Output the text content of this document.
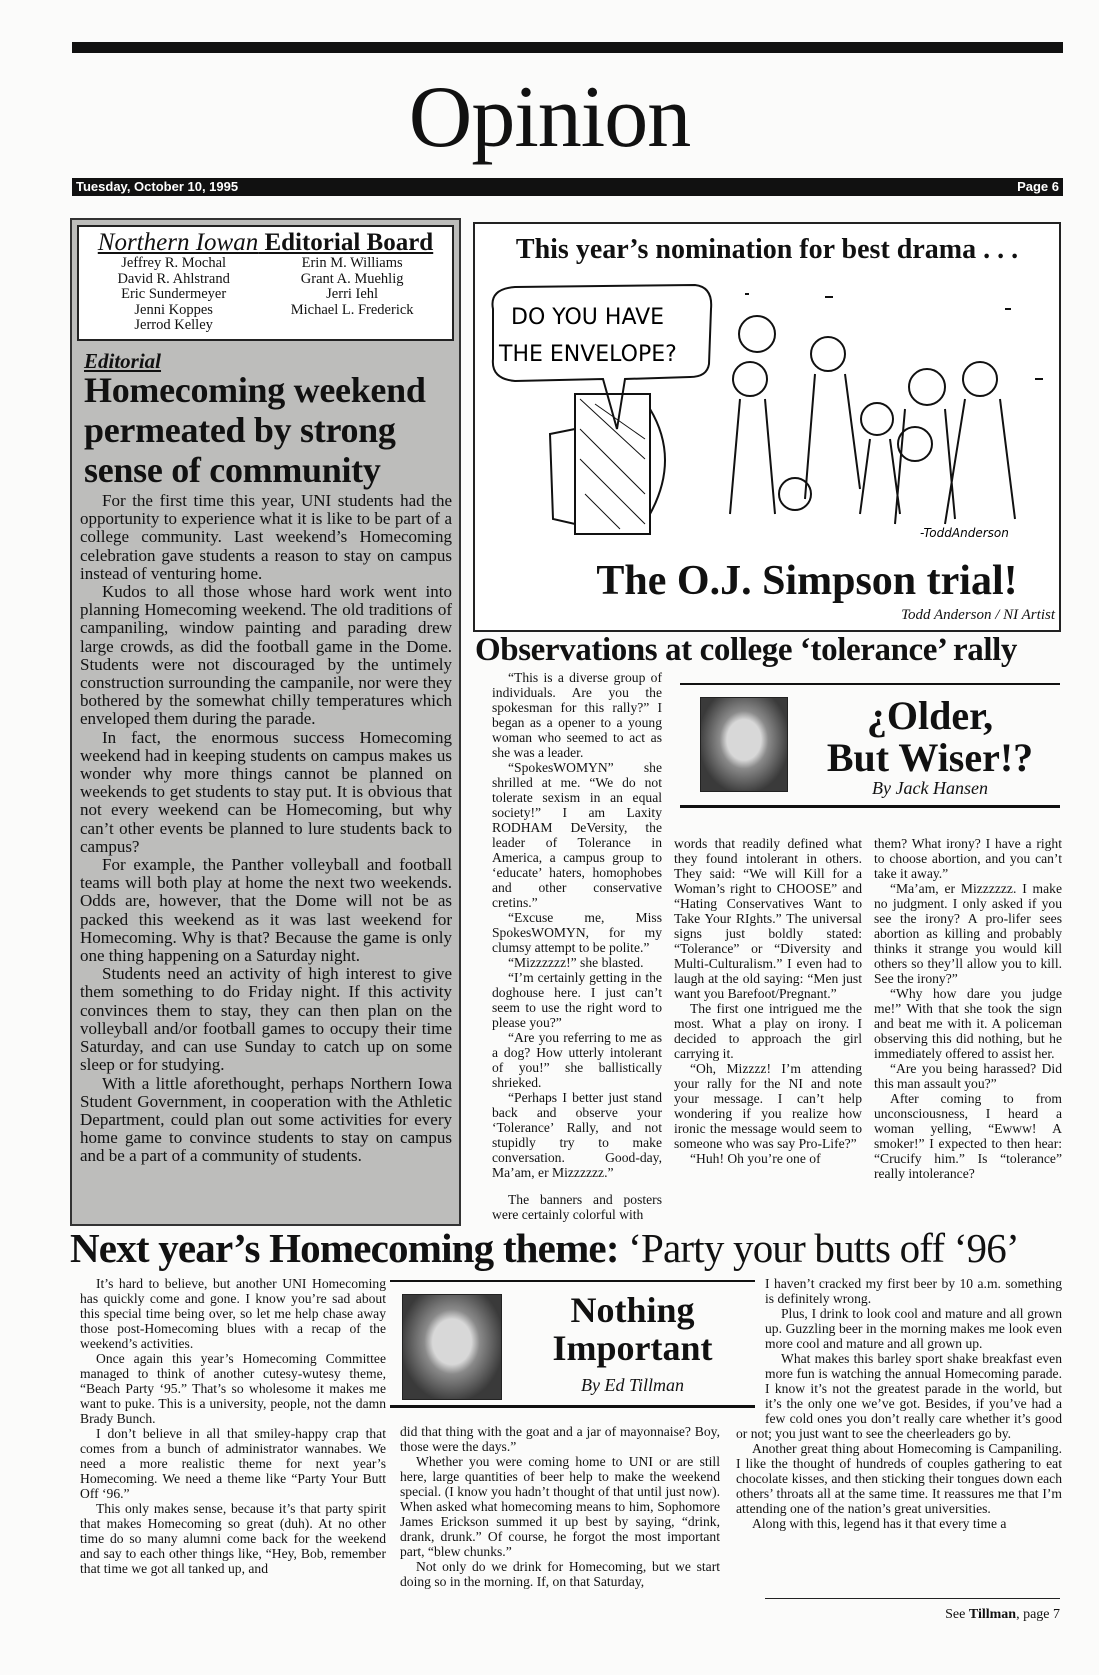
Opinion
Tuesday, October 10, 1995	Page 6
Northern Iowan Editorial Board
Jeffrey R. Mochal
David R. Ahlstrand
Eric Sundermeyer
Jenni Koppes
Jerrod Kelley
Erin M. Williams
Grant A. Muehlig
Jerri Iehl
Michael L. Frederick
Editorial
Homecoming weekend permeated by strong sense of community

For the first time this year, UNI students had the opportunity to experience what it is like to be part of a college community. Last weekend’s Homecoming celebration gave students a reason to stay on campus instead of venturing home.

Kudos to all those whose hard work went into planning Homecoming weekend. The old traditions of campaniling, window painting and parading drew large crowds, as did the football game in the Dome. Students were not discouraged by the untimely construction surrounding the campanile, nor were they bothered by the somewhat chilly temperatures which enveloped them during the parade.

In fact, the enormous success Homecoming weekend had in keeping students on campus makes us wonder why more things cannot be planned on weekends to get students to stay put. It is obvious that not every weekend can be Homecoming, but why can’t other events be planned to lure students back to campus?

For example, the Panther volleyball and football teams will both play at home the next two weekends. Odds are, however, that the Dome will not be as packed this weekend as it was last weekend for Homecoming. Why is that? Because the game is only one thing happening on a Saturday night.

Students need an activity of high interest to give them something to do Friday night. If this activity convinces them to stay, they can then plan on the volleyball and/or football games to occupy their time Saturday, and can use Sunday to catch up on some sleep or for studying.

With a little aforethought, perhaps Northern Iowa Student Government, in cooperation with the Athletic Department, could plan out some activities for every home game to convince students to stay on campus and be a part of a community of students.

This year’s nomination for best drama . . .
DO YOU HAVE
THE ENVELOPE?
-ToddAnderson
The O.J. Simpson trial!
Todd Anderson / NI Artist
Observations at college ‘tolerance’ rally

“This is a diverse group of individuals. Are you the spokesman for this rally?” I began as a opener to a young woman who seemed to act as she was a leader.

“SpokesWOMYN” she shrilled at me. “We do not tolerate sexism in an equal society!” I am Laxity RODHAM DeVersity, the leader of Tolerance in America, a campus group to ‘educate’ haters, homophobes and other conservative cretins.”

“Excuse me, Miss SpokesWOMYN, for my clumsy attempt to be polite.”

“Mizzzzzz!” she blasted.

“I’m certainly getting in the doghouse here. I just can’t seem to use the right word to please you?”

“Are you referring to me as a dog? How utterly intolerant of you!” she ballistically shrieked.

“Perhaps I better just stand back and observe your ‘Tolerance’ Rally, and not stupidly try to make conversation. Good-day, Ma’am, er Mizzzzzz.”

The banners and posters were certainly colorful with

¿Older,
But Wiser!?
By Jack Hansen

words that readily defined what they found intolerant in others. They said: “We will Kill for a Woman’s right to CHOOSE” and “Hating Conservatives Want to Take Your RIghts.” The universal signs just boldly stated: “Tolerance” or “Diversity and Multi-Culturalism.” I even had to laugh at the old saying: “Men just want you Barefoot/Pregnant.”

The first one intrigued me the most. What a play on irony. I decided to approach the girl carrying it.

“Oh, Mizzzz! I’m attending your rally for the NI and note your message. I can’t help wondering if you realize how ironic the message would seem to someone who was say Pro-Life?”

“Huh! Oh you’re one of

them? What irony? I have a right to choose abortion, and you can’t take it away.”

“Ma’am, er Mizzzzzz. I make no judgment. I only asked if you see the irony? A pro-lifer sees abortion as killing and probably thinks it strange you would kill others so they’ll allow you to kill. See the irony?”

“Why how dare you judge me!” With that she took the sign and beat me with it. A policeman observing this did nothing, but he immediately offered to assist her.

“Are you being harassed? Did this man assault you?”

After coming to from unconsciousness, I heard a woman yelling, “Ewww! A smoker!” I expected to then hear: “Crucify him.” Is “tolerance” really intolerance?

Next year’s Homecoming theme: ‘Party your butts off ‘96’

It’s hard to believe, but another UNI Homecoming has quickly come and gone. I know you’re sad about this special time being over, so let me help chase away those post-Homecoming blues with a recap of the weekend’s activities.

Once again this year’s Homecoming Committee managed to think of another cutesy-wutesy theme, “Beach Party ‘95.” That’s so wholesome it makes me want to puke. This is a university, people, not the damn Brady Bunch.

I don’t believe in all that smiley-happy crap that comes from a bunch of administrator wannabes. We need a more realistic theme for next year’s Homecoming. We need a theme like “Party Your Butt Off ‘96.”

This only makes sense, because it’s that party spirit that makes Homecoming so great (duh). At no other time do so many alumni come back for the weekend and say to each other things like, “Hey, Bob, remember that time we got all tanked up, and

Nothing
Important
By Ed Tillman

did that thing with the goat and a jar of mayonnaise? Boy, those were the days.”

Whether you were coming home to UNI or are still here, large quantities of beer help to make the weekend special. (I know you hadn’t thought of that until just now). When asked what homecoming means to him, Sophomore James Erickson summed it up best by saying, “drink, drank, drunk.” Of course, he forgot the most important part, “blew chunks.”

Not only do we drink for Homecoming, but we start doing so in the morning. If, on that Saturday,

I haven’t cracked my first beer by 10 a.m. something is definitely wrong.

Plus, I drink to look cool and mature and all grown up. Guzzling beer in the morning makes me look even more cool and mature and all grown up.

What makes this barley sport shake breakfast even more fun is watching the annual Homecoming parade. I know it’s not the greatest parade in the world, but it’s the only one we’ve got. Besides, if you’ve had a few cold ones you don’t really care whether it’s good or not; you just want to see the cheerleaders go by.

Another great thing about Homecoming is Campaniling. I like the thought of hundreds of couples gathering to eat chocolate kisses, and then sticking their tongues down each others’ throats all at the same time. It reassures me that I’m attending one of the nation’s great universities.

Along with this, legend has it that every time a

See Tillman, page 7
